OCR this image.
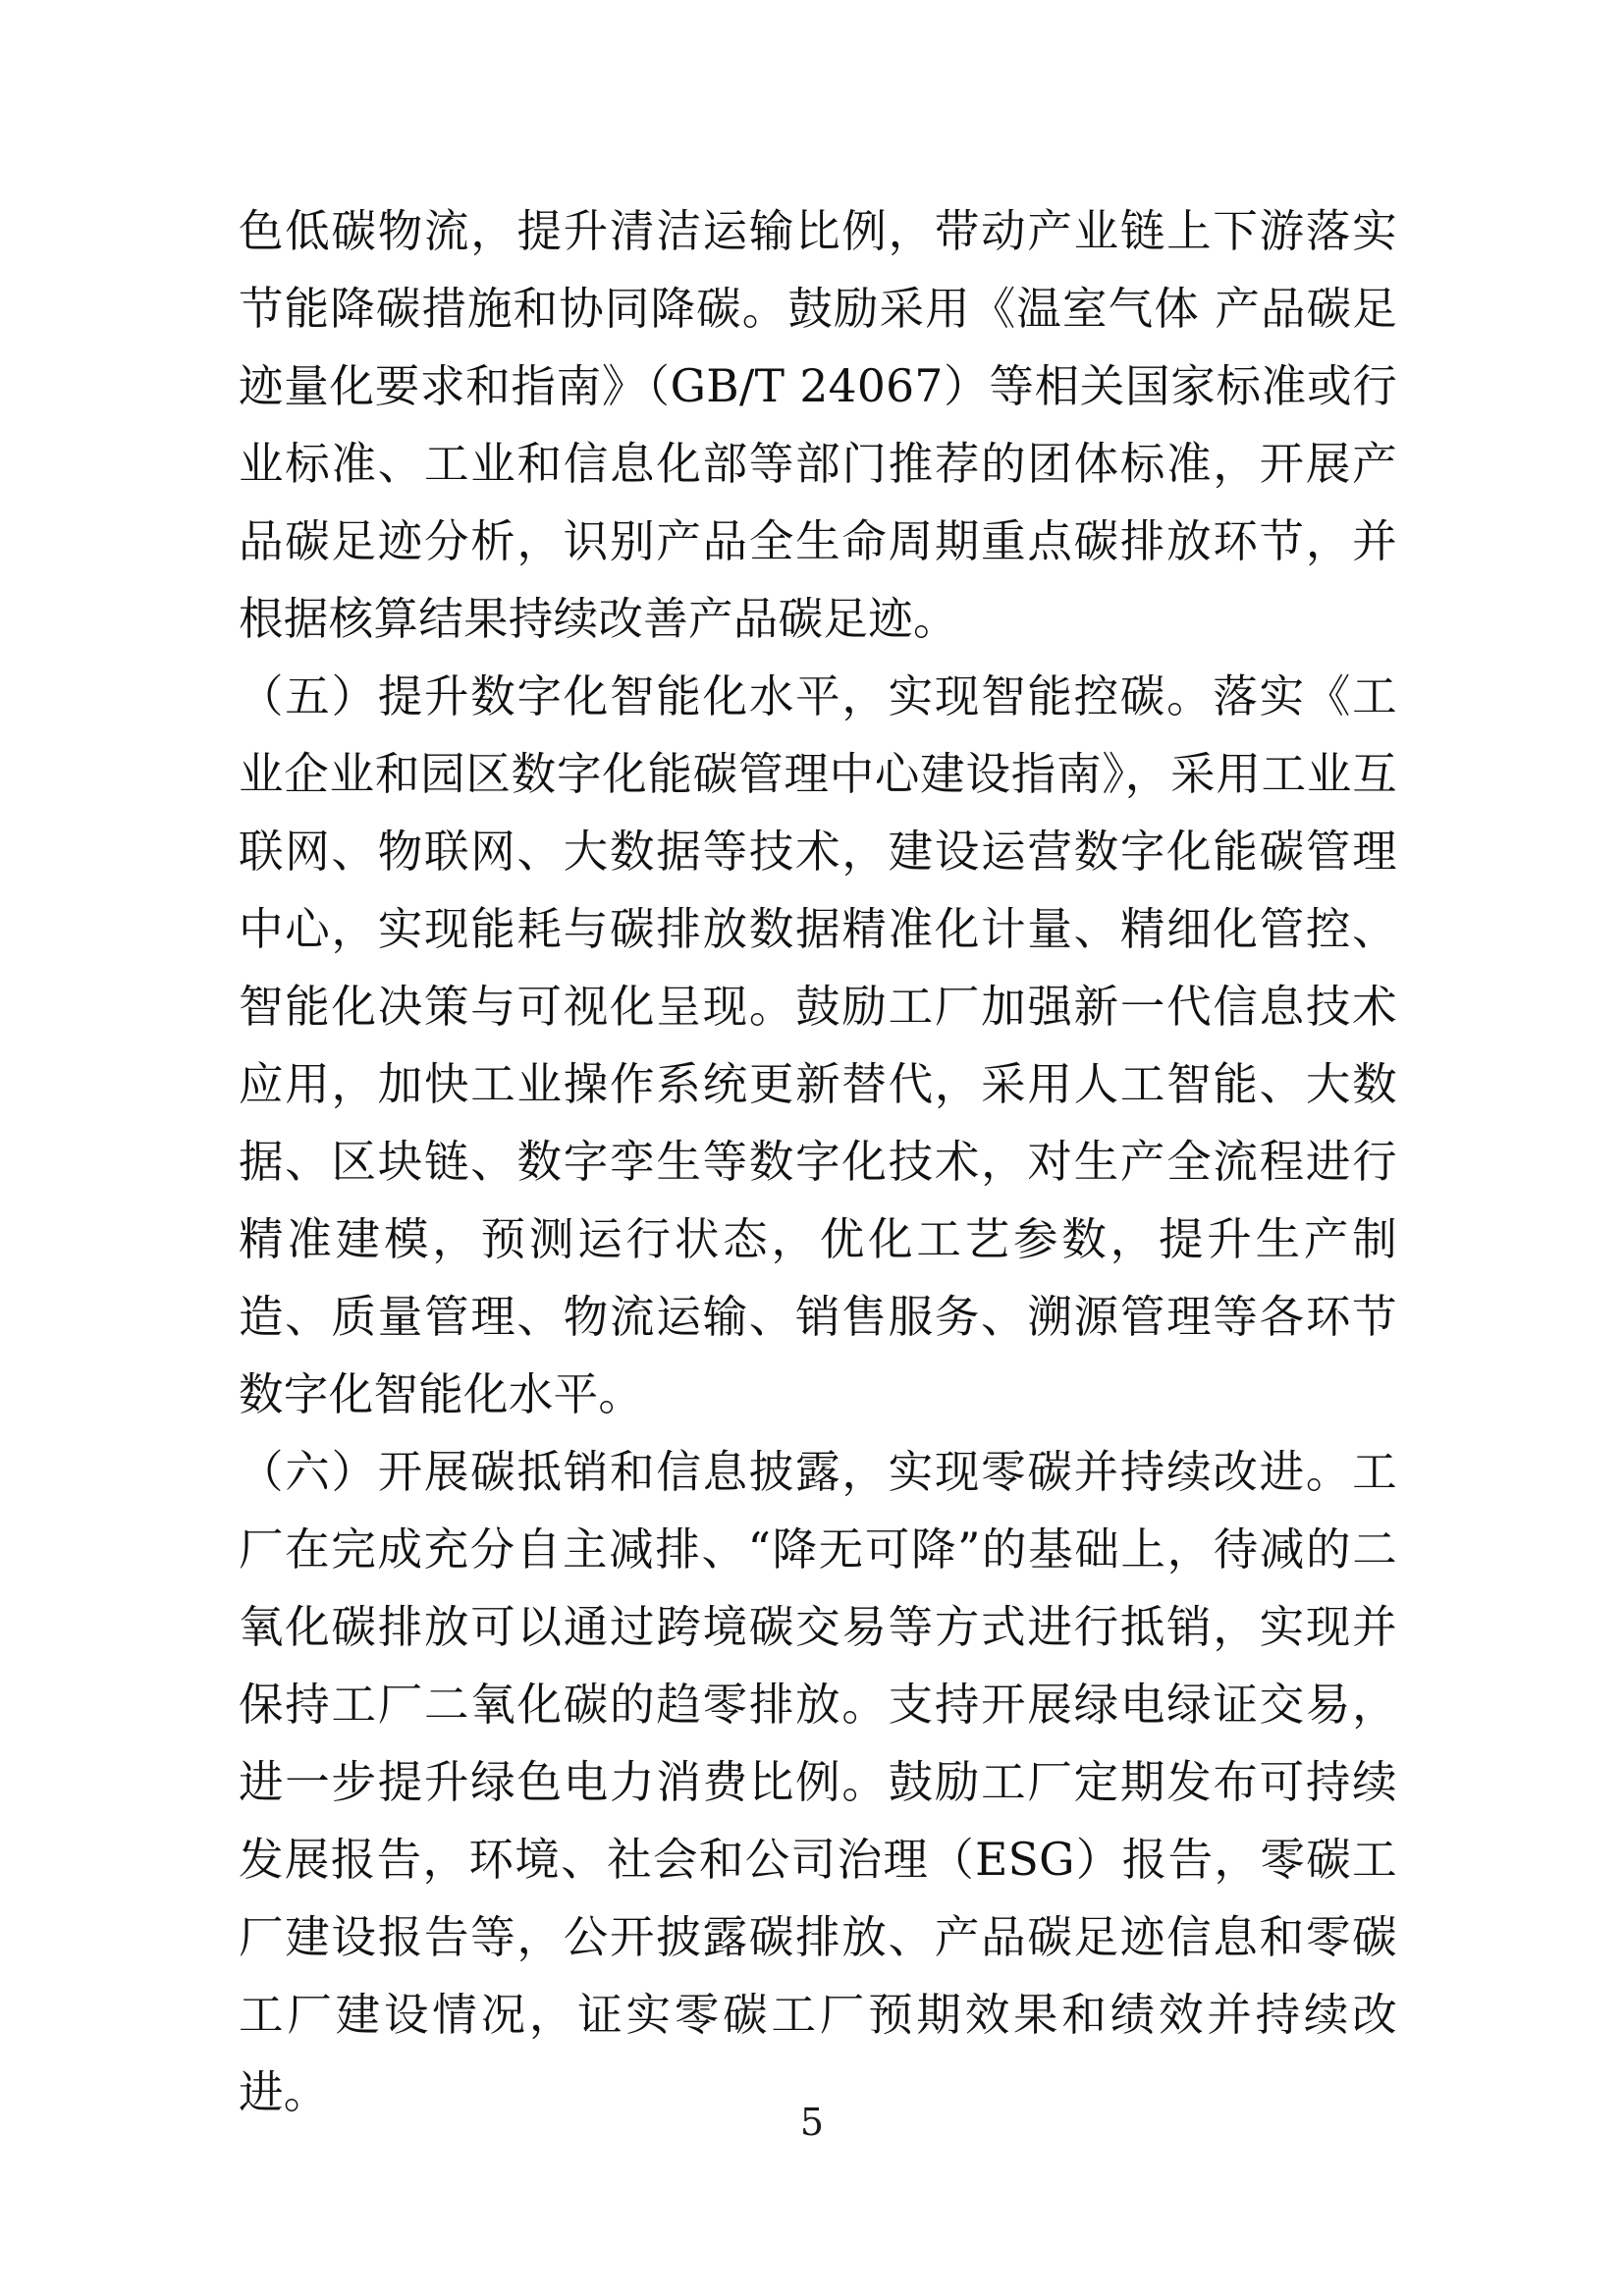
色低碳物流，提升清洁运输比例，带动产业链上下游落实节能降碳措施和协同降碳。鼓励采用《温室气体 产品碳足迹量化要求和指南》（GB/T 24067）等相关国家标准或行业标准、工业和信息化部等部门推荐的团体标准，开展产品碳足迹分析，识别产品全生命周期重点碳排放环节，并根据核算结果持续改善产品碳足迹。

（五）提升数字化智能化水平，实现智能控碳。落实《工业企业和园区数字化能碳管理中心建设指南》，采用工业互联网、物联网、大数据等技术，建设运营数字化能碳管理中心，实现能耗与碳排放数据精准化计量、精细化管控、智能化决策与可视化呈现。鼓励工厂加强新一代信息技术应用，加快工业操作系统更新替代，采用人工智能、大数据、区块链、数字孪生等数字化技术，对生产全流程进行精准建模，预测运行状态，优化工艺参数，提升生产制造、质量管理、物流运输、销售服务、溯源管理等各环节数字化智能化水平。

（六）开展碳抵销和信息披露，实现零碳并持续改进。工厂在完成充分自主减排、“降无可降”的基础上，待减的二氧化碳排放可以通过跨境碳交易等方式进行抵销，实现并保持工厂二氧化碳的趋零排放。支持开展绿电绿证交易，进一步提升绿色电力消费比例。鼓励工厂定期发布可持续发展报告，环境、社会和公司治理（ESG）报告，零碳工厂建设报告等，公开披露碳排放、产品碳足迹信息和零碳工厂建设情况，证实零碳工厂预期效果和绩效并持续改进。

5
